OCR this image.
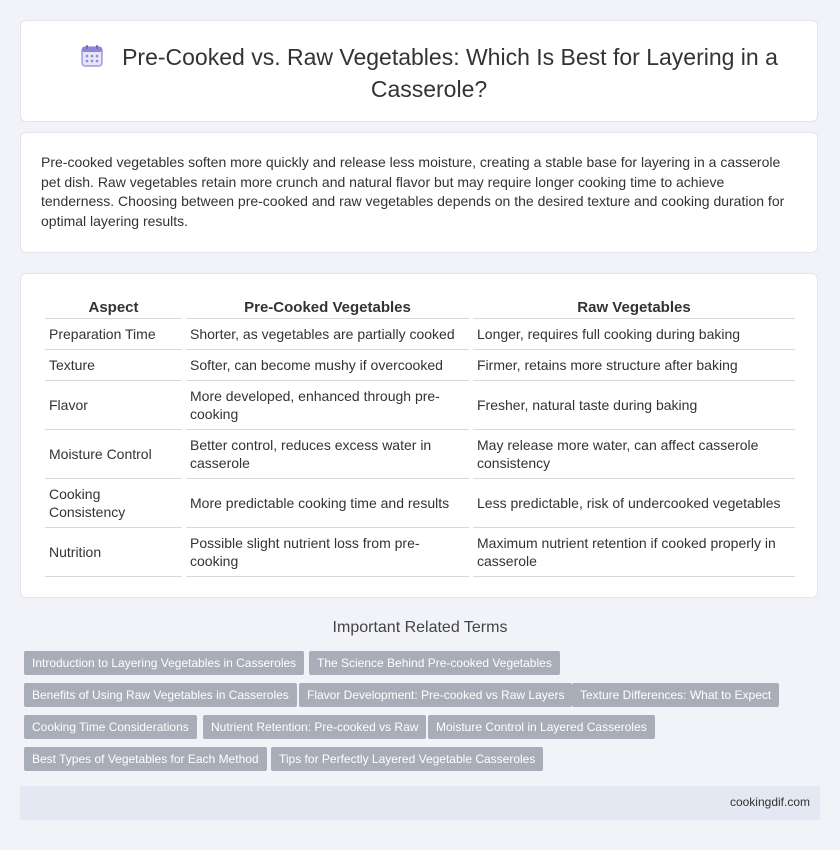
Pre-Cooked vs. Raw Vegetables: Which Is Best for Layering in a Casserole?
Pre-cooked vegetables soften more quickly and release less moisture, creating a stable base for layering in a casserole pet dish. Raw vegetables retain more crunch and natural flavor but may require longer cooking time to achieve tenderness. Choosing between pre-cooked and raw vegetables depends on the desired texture and cooking duration for optimal layering results.
Aspect	Pre-Cooked Vegetables	Raw Vegetables
Preparation Time	Shorter, as vegetables are partially cooked	Longer, requires full cooking during baking
Texture	Softer, can become mushy if overcooked	Firmer, retains more structure after baking
Flavor	More developed, enhanced through pre-cooking	Fresher, natural taste during baking
Moisture Control	Better control, reduces excess water in casserole	May release more water, can affect casserole consistency
Cooking Consistency	More predictable cooking time and results	Less predictable, risk of undercooked vegetables
Nutrition	Possible slight nutrient loss from pre-cooking	Maximum nutrient retention if cooked properly in casserole
Important Related Terms
Introduction to Layering Vegetables in Casseroles	The Science Behind Pre-cooked Vegetables
Benefits of Using Raw Vegetables in Casseroles	Flavor Development: Pre-cooked vs Raw Layers	Texture Differences: What to Expect
Cooking Time Considerations	Nutrient Retention: Pre-cooked vs Raw	Moisture Control in Layered Casseroles
Best Types of Vegetables for Each Method	Tips for Perfectly Layered Vegetable Casseroles
cookingdif.com
